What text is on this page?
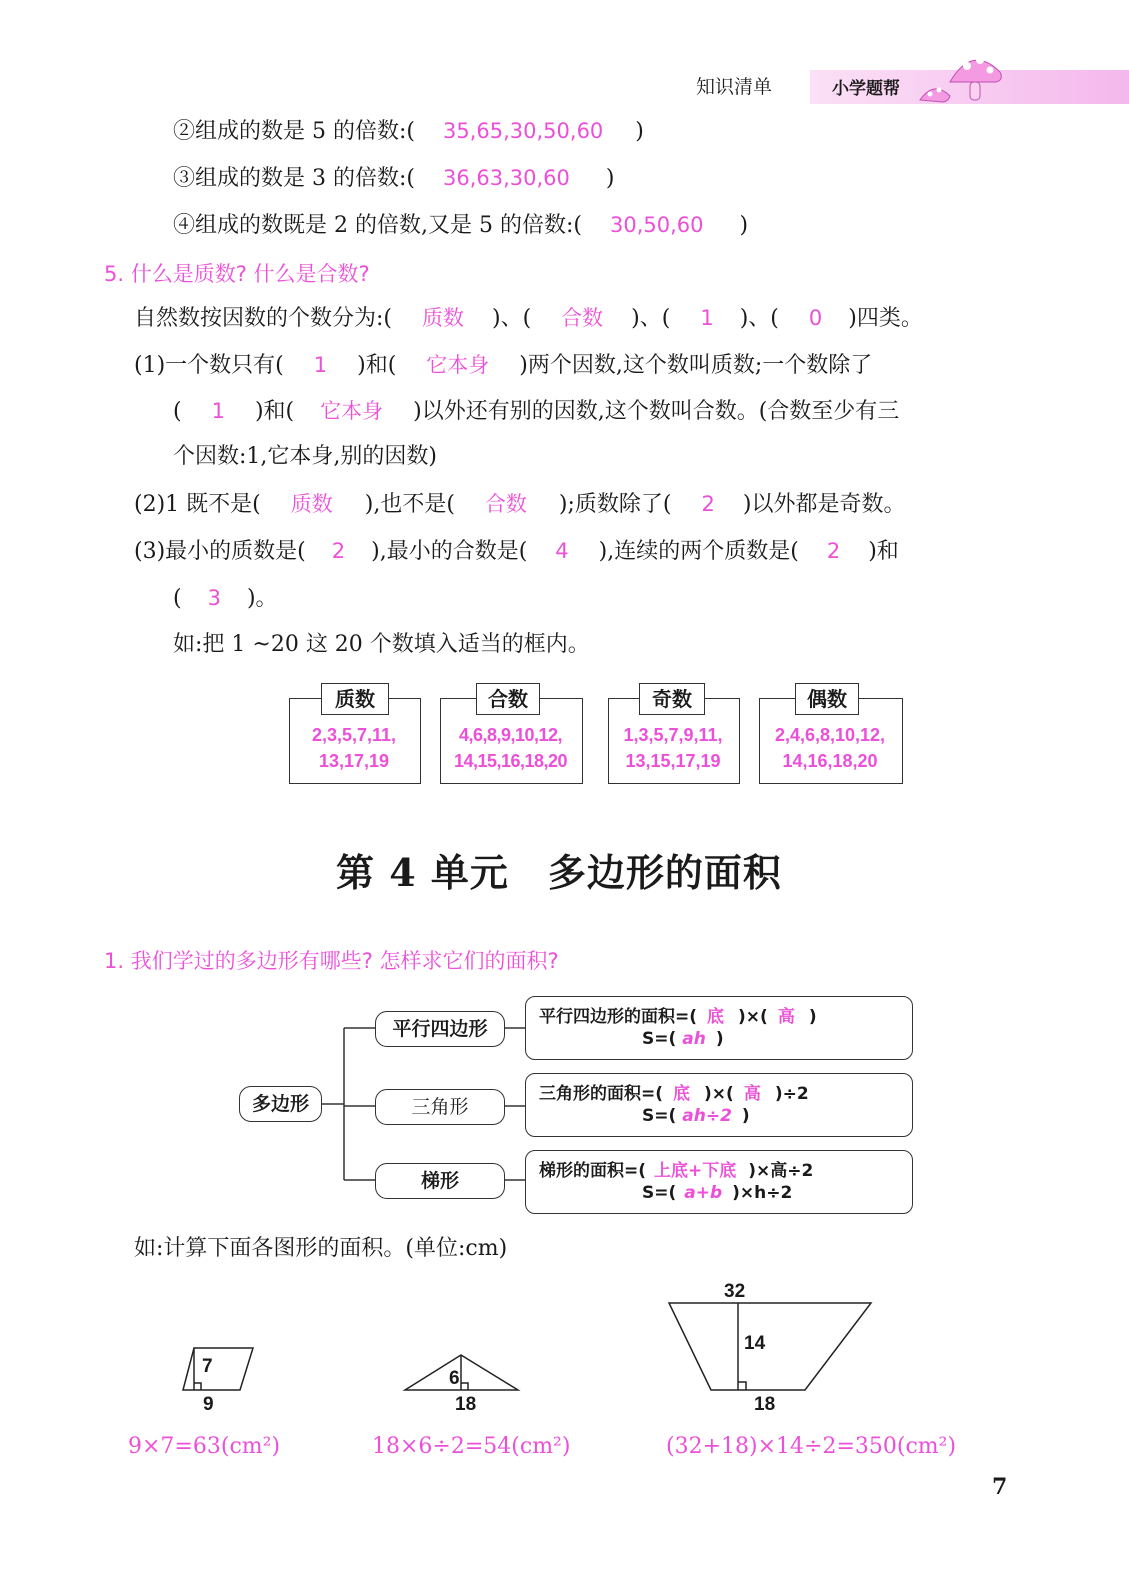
知识清单	小学题帮
②组成的数是 5 的倍数:( 35,65,30,50,60 )
③组成的数是 3 的倍数:( 36,63,30,60 )
④组成的数既是 2 的倍数,又是 5 的倍数:( 30,50,60 )
5. 什么是质数? 什么是合数?
自然数按因数的个数分为:( 质数 )、( 合数 )、( 1 )、( 0 )四类。
(1)一个数只有( 1 )和( 它本身 )两个因数,这个数叫质数;一个数除了
( 1 )和( 它本身 )以外还有别的因数,这个数叫合数。(合数至少有三
个因数:1,它本身,别的因数)
(2)1 既不是( 质数 ),也不是( 合数 );质数除了( 2 )以外都是奇数。
(3)最小的质数是( 2 ),最小的合数是( 4 ),连续的两个质数是( 2 )和
( 3 )。
如:把 1 ~20 这 20 个数填入适当的框内。
质数
2,3,5,7,11,
13,17,19
合数
4,6,8,9,10,12,
14,15,16,18,20
奇数
1,3,5,7,9,11,
13,15,17,19
偶数
2,4,6,8,10,12,
14,16,18,20
第 4 单元　多边形的面积
1. 我们学过的多边形有哪些? 怎样求它们的面积?
多边形
平行四边形
三角形
梯形
平行四边形的面积=( 底 )×( 高 )
S=( ah )
三角形的面积=( 底 )×( 高 )÷2
S=( ah÷2 )
梯形的面积=( 上底+下底 )×高÷2
S=( a+b )×h÷2
如:计算下面各图形的面积。(单位:cm)
7
9
6
18
32
14
18
9×7=63(cm²)	18×6÷2=54(cm²)	(32+18)×14÷2=350(cm²)
7
